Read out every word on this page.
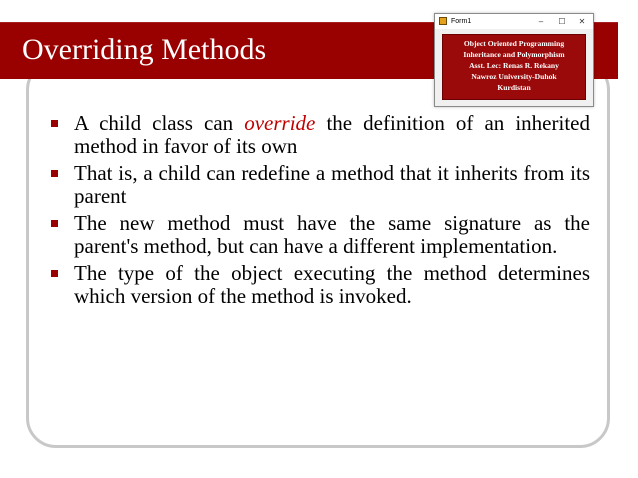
Overriding Methods
A child class can override the definition of an inherited method in favor of its own
That is, a child can redefine a method that it inherits from its parent
The new method must have the same signature as the parent's method, but can have a different implementation.
The type of the object executing the method determines which version of the method is invoked.
Form1	–	☐	✕
Object Oriented Programming
Inheritance and Polymorphism
Asst. Lec: Renas R. Rekany
Nawroz University-Duhok
Kurdistan
